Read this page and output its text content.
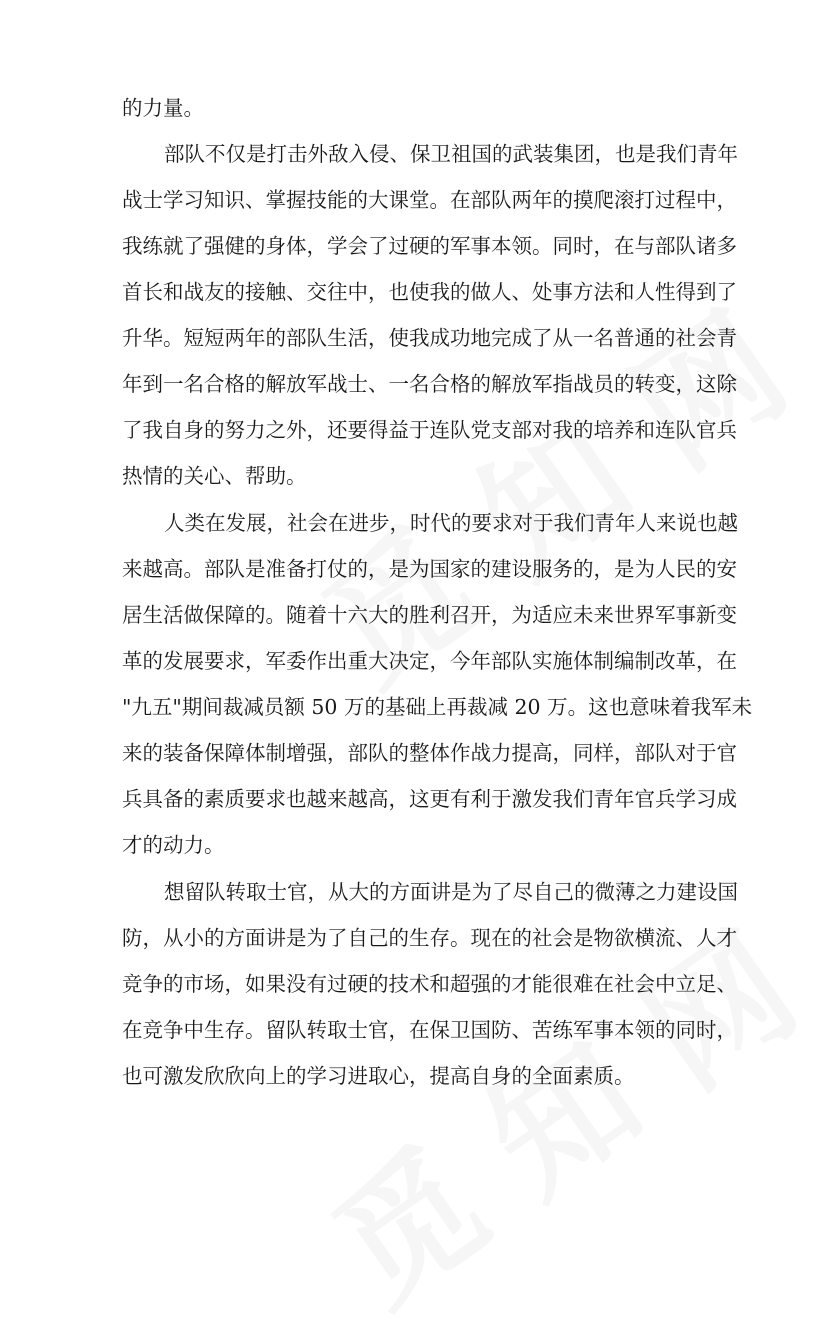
的力量。
部队不仅是打击外敌入侵、保卫祖国的武装集团，也是我们青年
战士学习知识、掌握技能的大课堂。在部队两年的摸爬滚打过程中，
我练就了强健的身体，学会了过硬的军事本领。同时，在与部队诸多
首长和战友的接触、交往中，也使我的做人、处事方法和人性得到了
升华。短短两年的部队生活，使我成功地完成了从一名普通的社会青
年到一名合格的解放军战士、一名合格的解放军指战员的转变，这除
了我自身的努力之外，还要得益于连队党支部对我的培养和连队官兵
热情的关心、帮助。
人类在发展，社会在进步，时代的要求对于我们青年人来说也越
来越高。部队是准备打仗的，是为国家的建设服务的，是为人民的安
居生活做保障的。随着十六大的胜利召开，为适应未来世界军事新变
革的发展要求，军委作出重大决定，今年部队实施体制编制改革，在
"九五"期间裁减员额 50 万的基础上再裁减 20 万。这也意味着我军未
来的装备保障体制增强，部队的整体作战力提高，同样，部队对于官
兵具备的素质要求也越来越高，这更有利于激发我们青年官兵学习成
才的动力。
想留队转取士官，从大的方面讲是为了尽自己的微薄之力建设国
防，从小的方面讲是为了自己的生存。现在的社会是物欲横流、人才
竞争的市场，如果没有过硬的技术和超强的才能很难在社会中立足、
在竞争中生存。留队转取士官，在保卫国防、苦练军事本领的同时，
也可激发欣欣向上的学习进取心，提高自身的全面素质。
